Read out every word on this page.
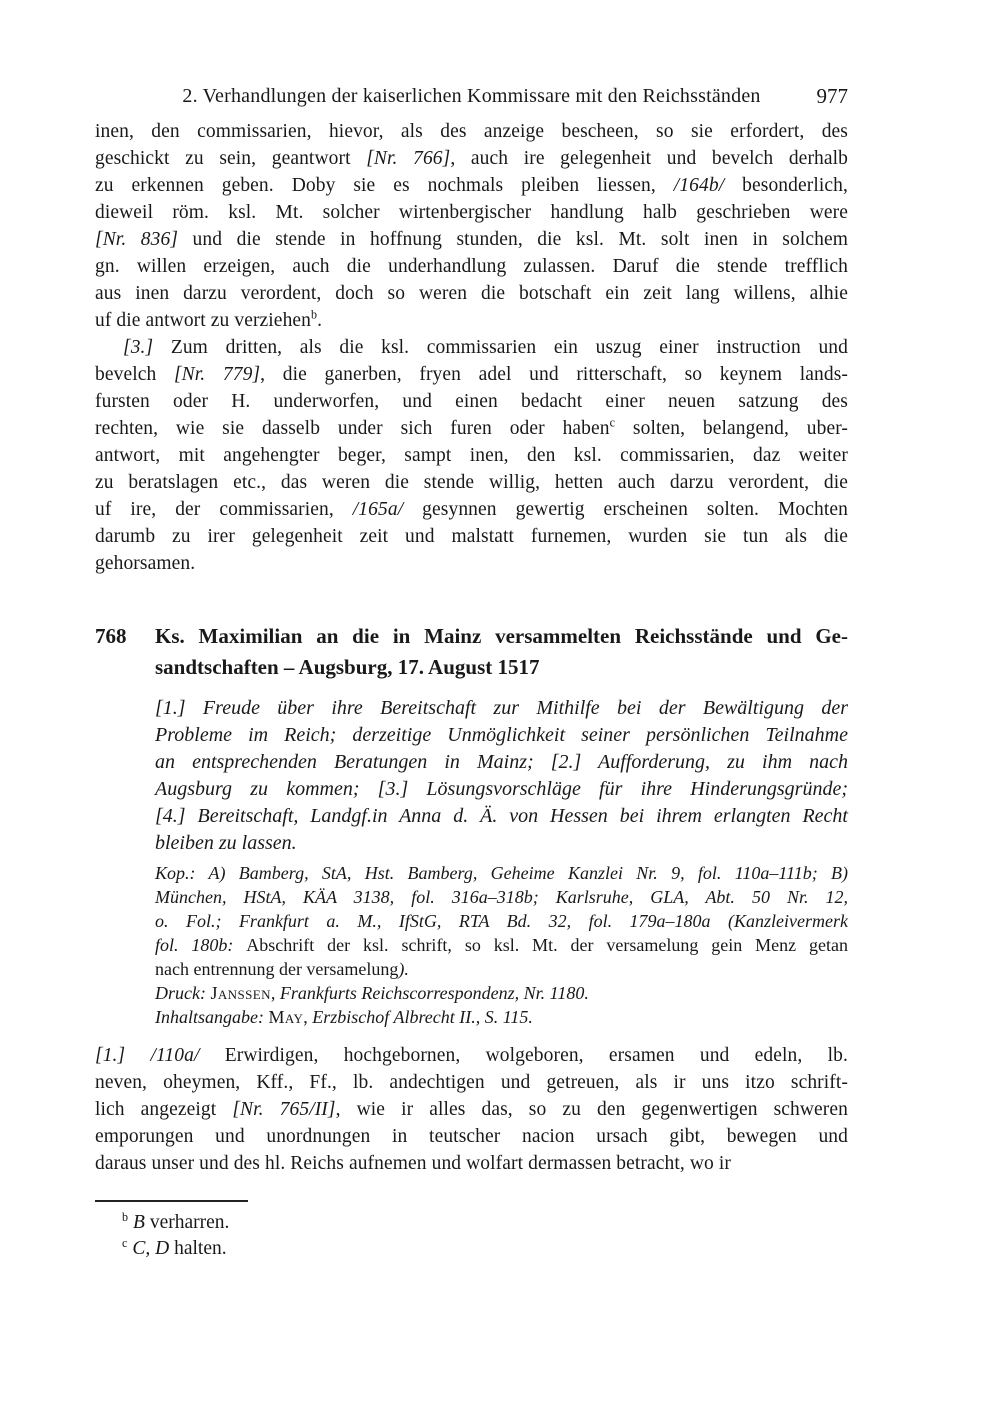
2. Verhandlungen der kaiserlichen Kommissare mit den Reichsständen	977
inen, den commissarien, hievor, als des anzeige bescheen, so sie erfordert, des
geschickt zu sein, geantwort [Nr. 766], auch ire gelegenheit und bevelch derhalb
zu erkennen geben. Doby sie es nochmals pleiben liessen, /164b/ besonderlich,
dieweil röm. ksl. Mt. solcher wirtenbergischer handlung halb geschrieben were
[Nr. 836] und die stende in hoffnung stunden, die ksl. Mt. solt inen in solchem
gn. willen erzeigen, auch die underhandlung zulassen. Daruf die stende trefflich
aus inen darzu verordent, doch so weren die botschaft ein zeit lang willens, alhie
uf die antwort zu verziehen$^b$.
[3.] Zum dritten, als die ksl. commissarien ein uszug einer instruction und
bevelch [Nr. 779], die ganerben, fryen adel und ritterschaft, so keynem lands-
fursten oder H. underworfen, und einen bedacht einer neuen satzung des
rechten, wie sie dasselb under sich furen oder haben$^c$ solten, belangend, uber-
antwort, mit angehengter beger, sampt inen, den ksl. commissarien, daz weiter
zu beratslagen etc., das weren die stende willig, hetten auch darzu verordent, die
uf ire, der commissarien, /165a/ gesynnen gewertig erscheinen solten. Mochten
darumb zu irer gelegenheit zeit und malstatt furnemen, wurden sie tun als die
gehorsamen.
768	Ks. Maximilian an die in Mainz versammelten Reichsstände und Ge-
sandtschaften – Augsburg, 17. August 1517
[1.] Freude über ihre Bereitschaft zur Mithilfe bei der Bewältigung der
Probleme im Reich; derzeitige Unmöglichkeit seiner persönlichen Teilnahme
an entsprechenden Beratungen in Mainz; [2.] Aufforderung, zu ihm nach
Augsburg zu kommen; [3.] Lösungsvorschläge für ihre Hinderungsgründe;
[4.] Bereitschaft, Landgf.in Anna d. Ä. von Hessen bei ihrem erlangten Recht
bleiben zu lassen.
Kop.: A) Bamberg, StA, Hst. Bamberg, Geheime Kanzlei Nr. 9, fol. 110a–111b; B)
München, HStA, KÄA 3138, fol. 316a–318b; Karlsruhe, GLA, Abt. 50 Nr. 12,
o. Fol.; Frankfurt a. M., IfStG, RTA Bd. 32, fol. 179a–180a (Kanzleivermerk
fol. 180b: Abschrift der ksl. schrift, so ksl. Mt. der versamelung gein Menz getan
nach entrennung der versamelung).
Druck: Janssen, Frankfurts Reichscorrespondenz, Nr. 1180.
Inhaltsangabe: May, Erzbischof Albrecht II., S. 115.
[1.] /110a/ Erwirdigen, hochgebornen, wolgeboren, ersamen und edeln, lb.
neven, oheymen, Kff., Ff., lb. andechtigen und getreuen, als ir uns itzo schrift-
lich angezeigt [Nr. 765/II], wie ir alles das, so zu den gegenwertigen schweren
emporungen und unordnungen in teutscher nacion ursach gibt, bewegen und
daraus unser und des hl. Reichs aufnemen und wolfart dermassen betracht, wo ir
$^b$ B verharren.
$^c$ C, D halten.
